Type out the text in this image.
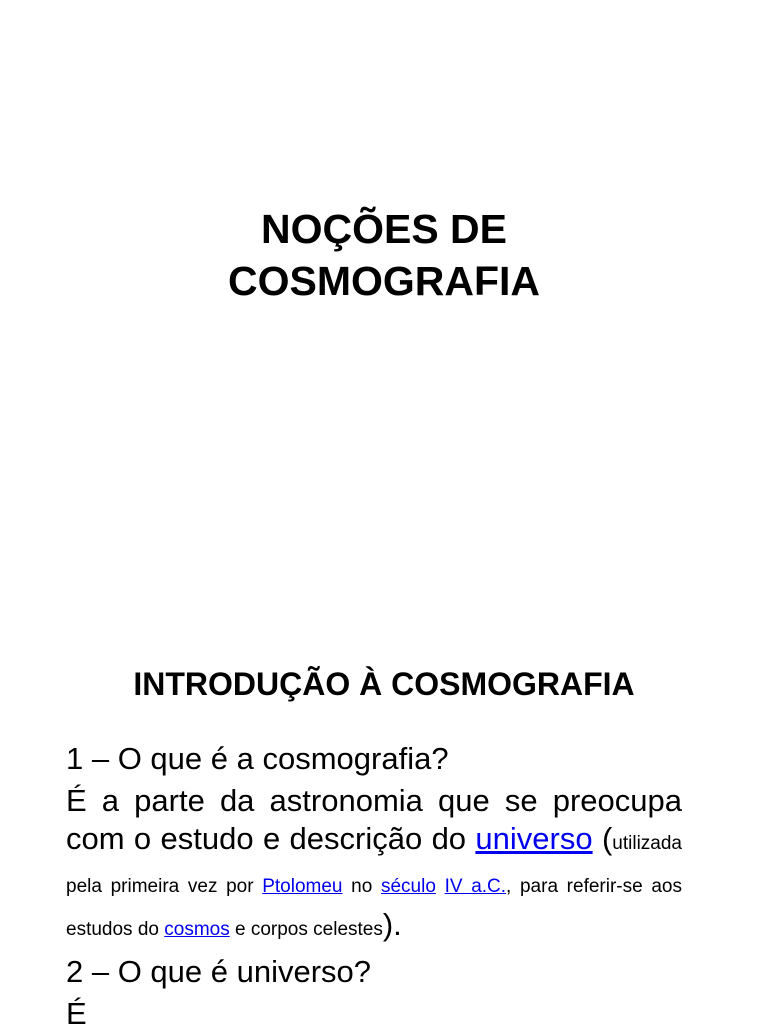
NOÇÕES DE
COSMOGRAFIA
INTRODUÇÃO À COSMOGRAFIA

1 – O que é a cosmografia?

É a parte da astronomia que se preocupa com o estudo e descrição do universo (utilizada pela primeira vez por Ptolomeu no século IV a.C., para referir-se aos estudos do cosmos e corpos celestes).

2 – O que é universo?

É
